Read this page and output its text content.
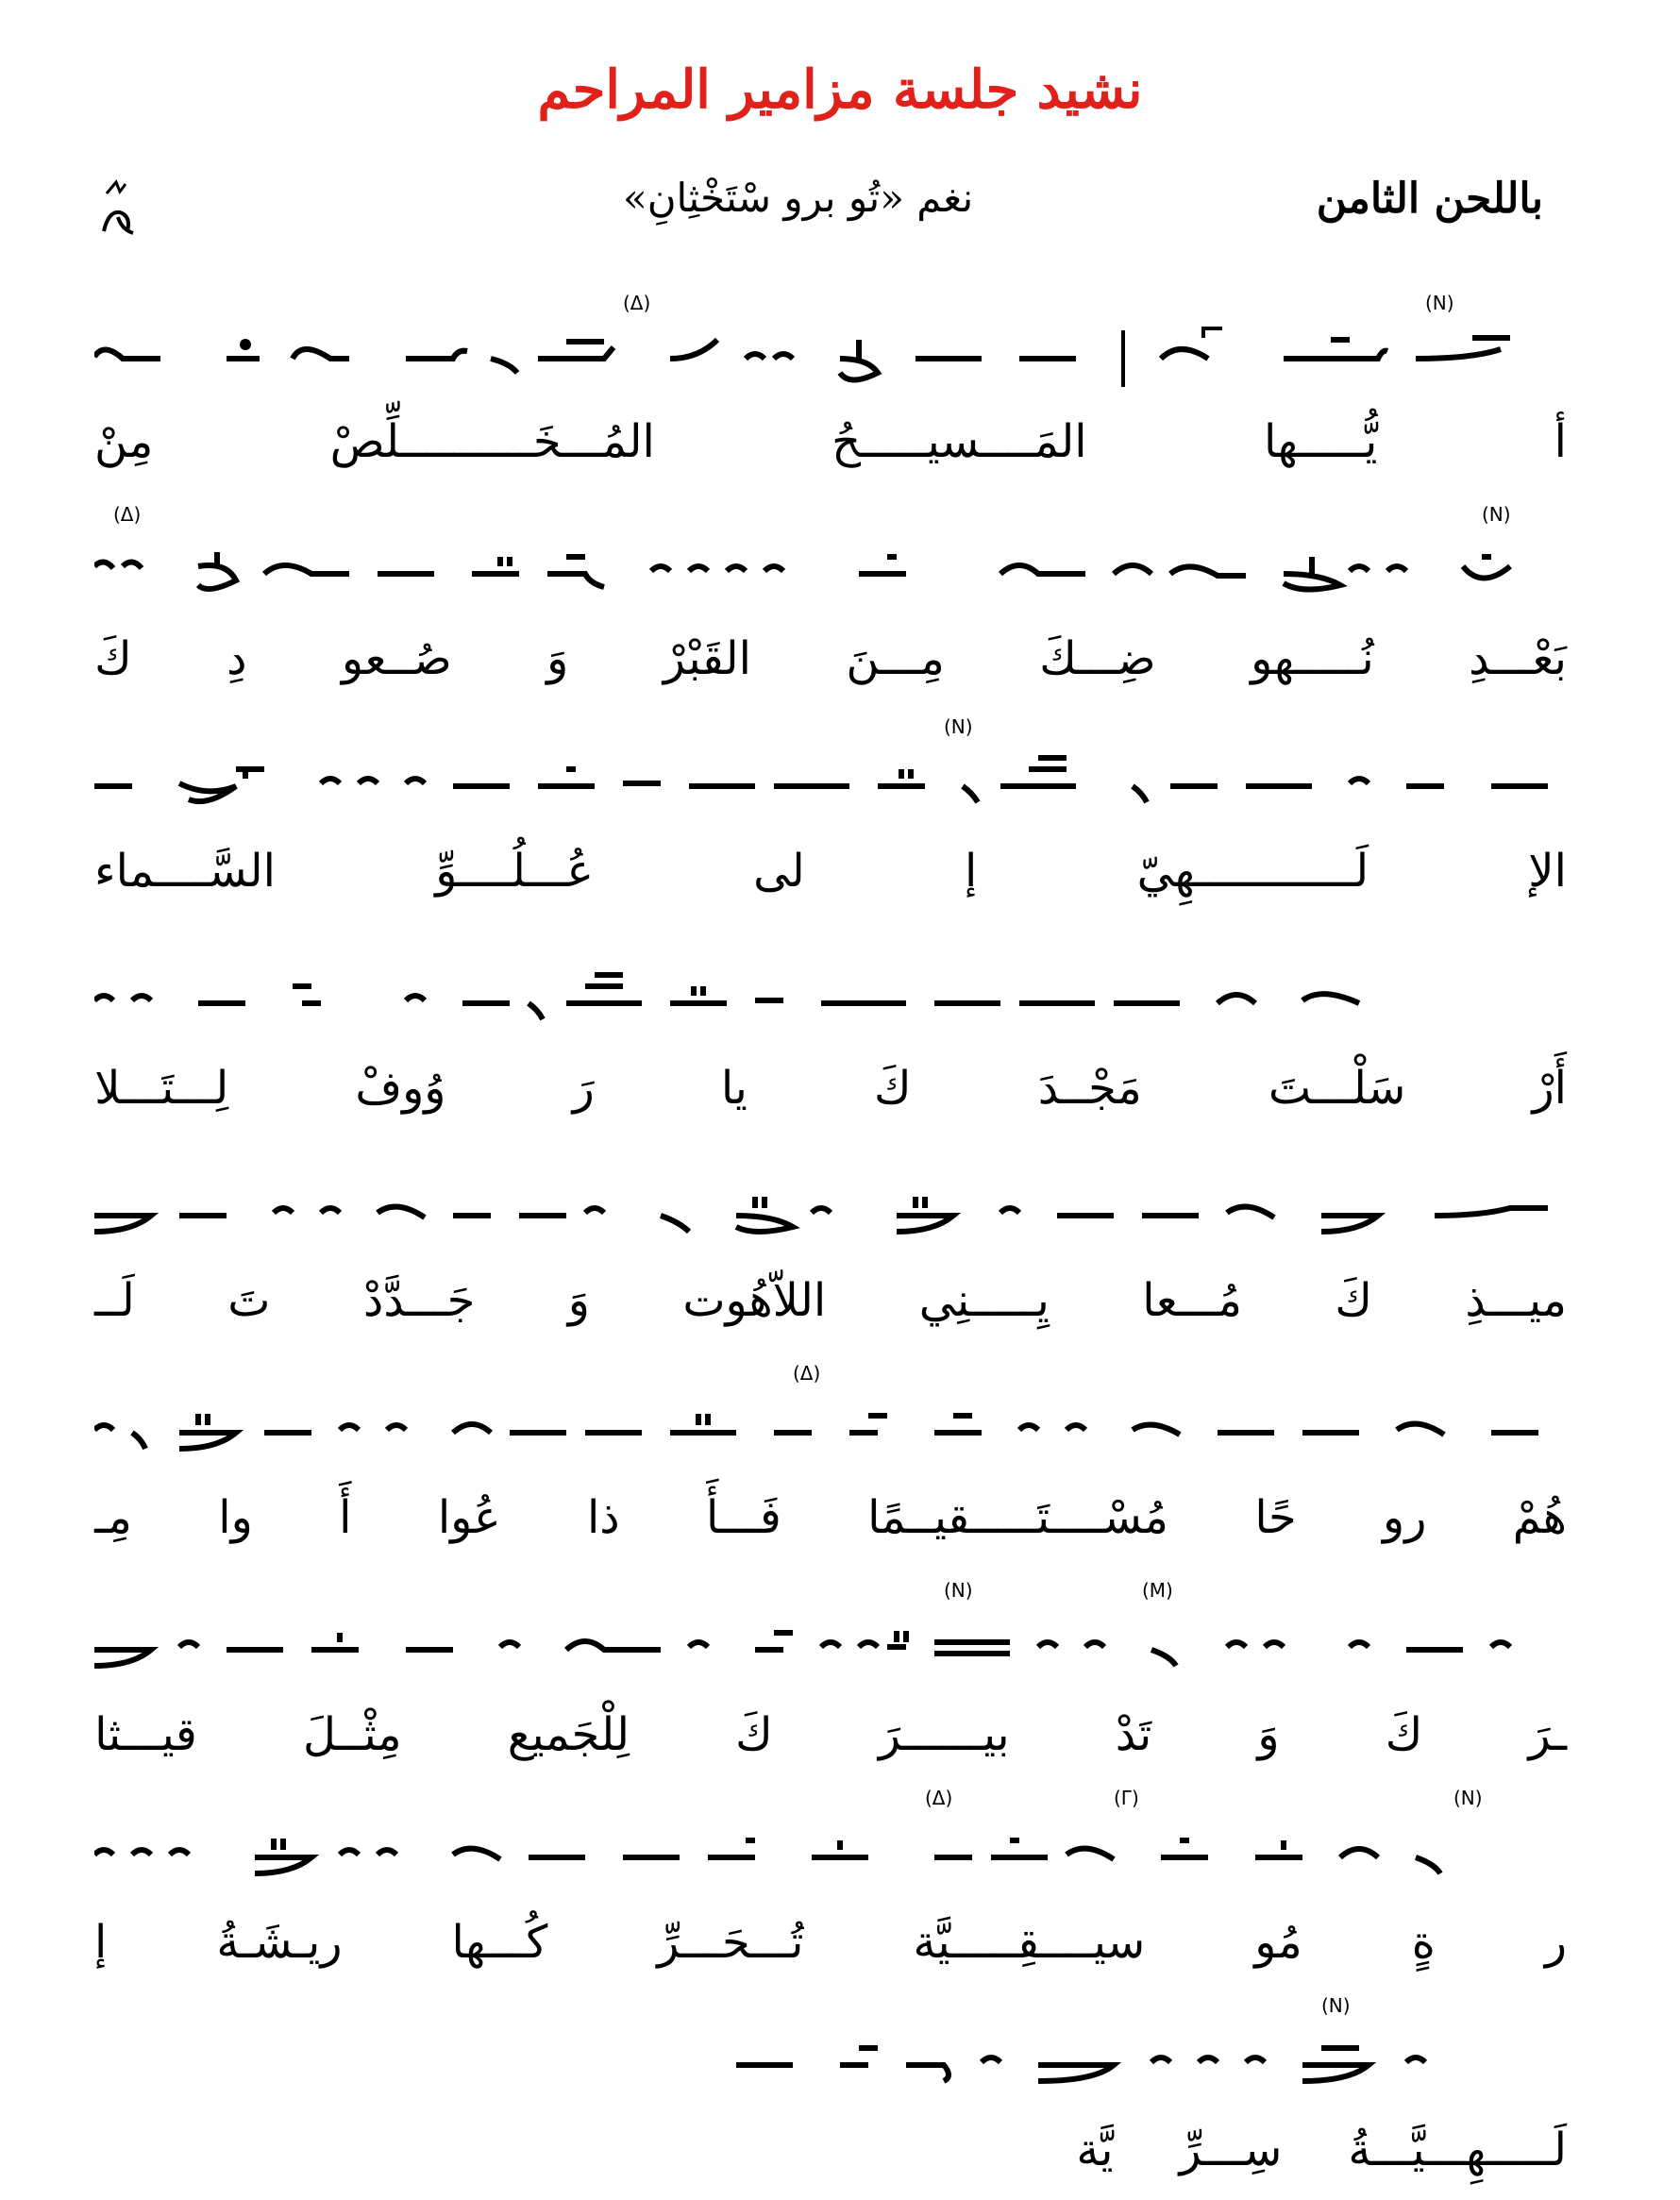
نشيد جلسة مزامير المراحم
باللحن الثامن
نغم «تُو برو سْتَخْثِانِ»
(Δ)	(Ν)
أ
يُّـــــها
المَــــسيـــــحُ
المُـــخَــــــــــلِّصْ
مِنْ
(Ν)
(Δ)
بَعْـــدِ
نُـــــهو
ضِـــكَ
مِـــنَ
القَبْرْ
وَ
صُــعو
دِ
كَ
(Ν)
الإ
لَــــــــــــهِيّ
إ
لى
عُـــلُــــوِّ
السَّــــماء
أَرْ
سَلْـــتَ
مَجْــدَ
كَ
يا
رَ
وُوفْ
لِـــتَـــلا
ميـــذِ
كَ
مُـــعا
يِـــــنِي
اللاّهُوت
وَ
جَـــدَّدْ
تَ
لَــ
(Δ)
هُمْ
رو
حًا
مُسْــــتَـــــقيــمًا
فَـــأَ
ذا
عُوا
أَ
وا
مِـ
(Ν)	(Μ)
ـرَ
كَ
وَ
تَدْ
بيــــــرَ
كَ
لِلْجَميع
مِثْــلَ
قيـــثا
(Ν)
(Γ)
(Δ)
ر
ةٍ
مُو
سيــــقِـــــيَّة
تُـــحَـــرِّ
كُـــها
ريـشَـةُ
إ
(Ν)
لَـــــهِـــيَّـــةُ
سِـــرِّ
يَّة
